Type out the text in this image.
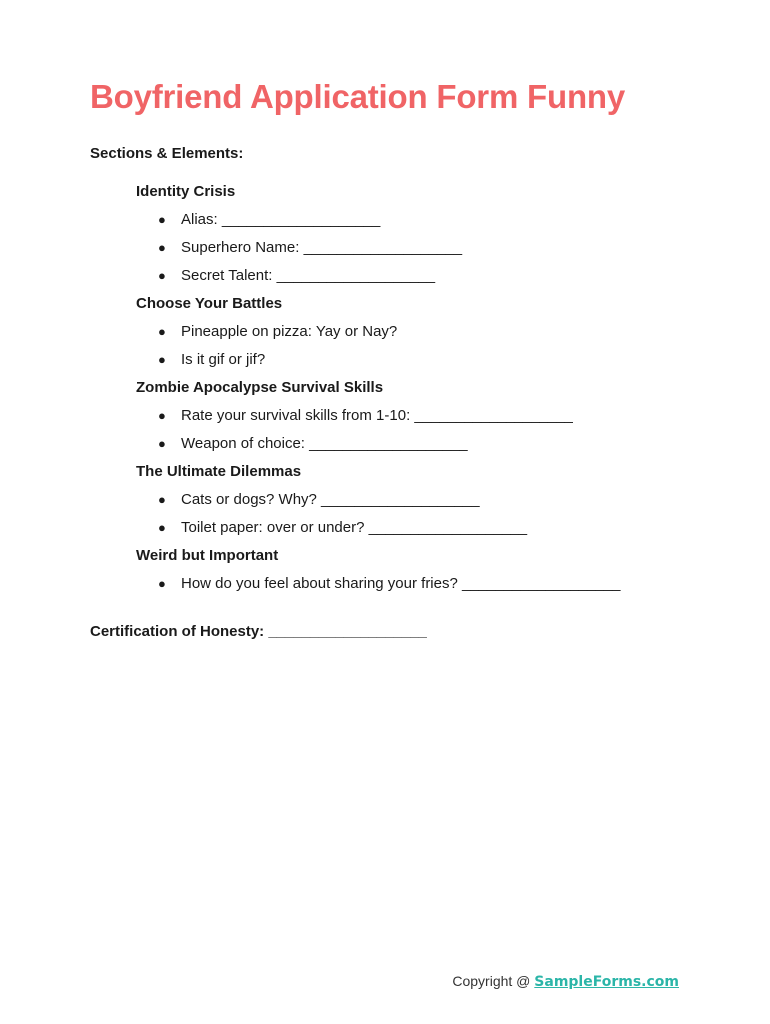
Boyfriend Application Form Funny
Sections & Elements:
Identity Crisis
● Alias: ___________________
● Superhero Name: ___________________
● Secret Talent: ___________________
Choose Your Battles
● Pineapple on pizza: Yay or Nay?
● Is it gif or jif?
Zombie Apocalypse Survival Skills
● Rate your survival skills from 1-10: ___________________
● Weapon of choice: ___________________
The Ultimate Dilemmas
● Cats or dogs? Why? ___________________
● Toilet paper: over or under? ___________________
Weird but Important
● How do you feel about sharing your fries? ___________________
Certification of Honesty: ___________________
Copyright @ SampleForms.com
